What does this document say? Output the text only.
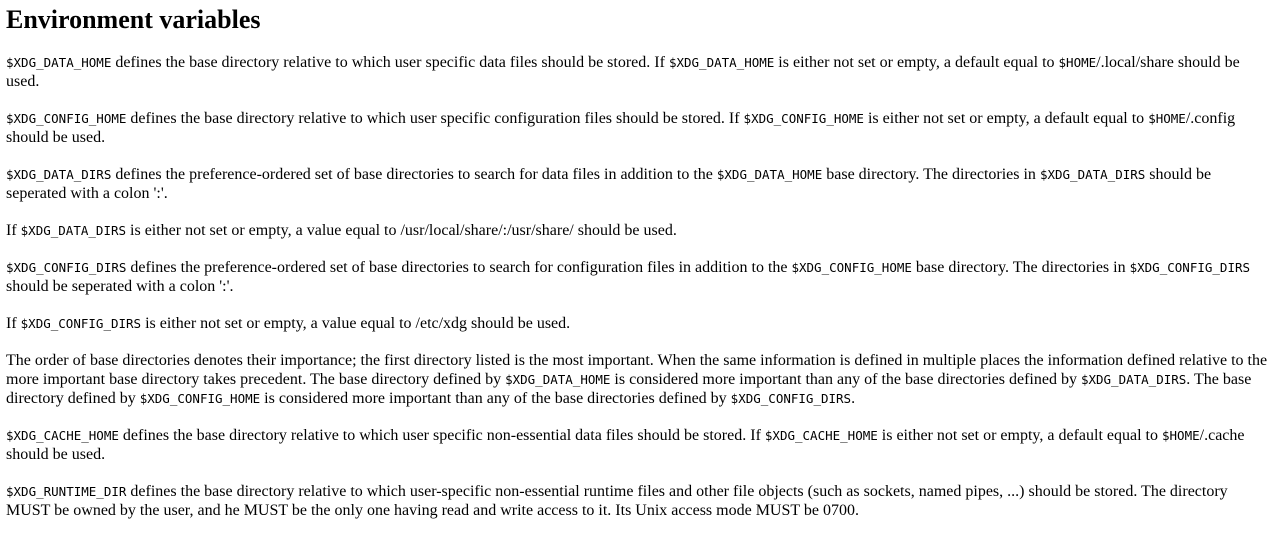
Environment variables

$XDG_DATA_HOME defines the base directory relative to which user specific data files should be stored. If $XDG_DATA_HOME is either not set or empty, a default equal to $HOME/.local/share should be used.

$XDG_CONFIG_HOME defines the base directory relative to which user specific configuration files should be stored. If $XDG_CONFIG_HOME is either not set or empty, a default equal to $HOME/.config should be used.

$XDG_DATA_DIRS defines the preference-ordered set of base directories to search for data files in addition to the $XDG_DATA_HOME base directory. The directories in $XDG_DATA_DIRS should be seperated with a colon ':'.

If $XDG_DATA_DIRS is either not set or empty, a value equal to /usr/local/share/:/usr/share/ should be used.

$XDG_CONFIG_DIRS defines the preference-ordered set of base directories to search for configuration files in addition to the $XDG_CONFIG_HOME base directory. The directories in $XDG_CONFIG_DIRS should be seperated with a colon ':'.

If $XDG_CONFIG_DIRS is either not set or empty, a value equal to /etc/xdg should be used.

The order of base directories denotes their importance; the first directory listed is the most important. When the same information is defined in multiple places the information defined relative to the more important base directory takes precedent. The base directory defined by $XDG_DATA_HOME is considered more important than any of the base directories defined by $XDG_DATA_DIRS. The base directory defined by $XDG_CONFIG_HOME is considered more important than any of the base directories defined by $XDG_CONFIG_DIRS.

$XDG_CACHE_HOME defines the base directory relative to which user specific non-essential data files should be stored. If $XDG_CACHE_HOME is either not set or empty, a default equal to $HOME/.cache should be used.

$XDG_RUNTIME_DIR defines the base directory relative to which user-specific non-essential runtime files and other file objects (such as sockets, named pipes, ...) should be stored. The directory MUST be owned by the user, and he MUST be the only one having read and write access to it. Its Unix access mode MUST be 0700.
